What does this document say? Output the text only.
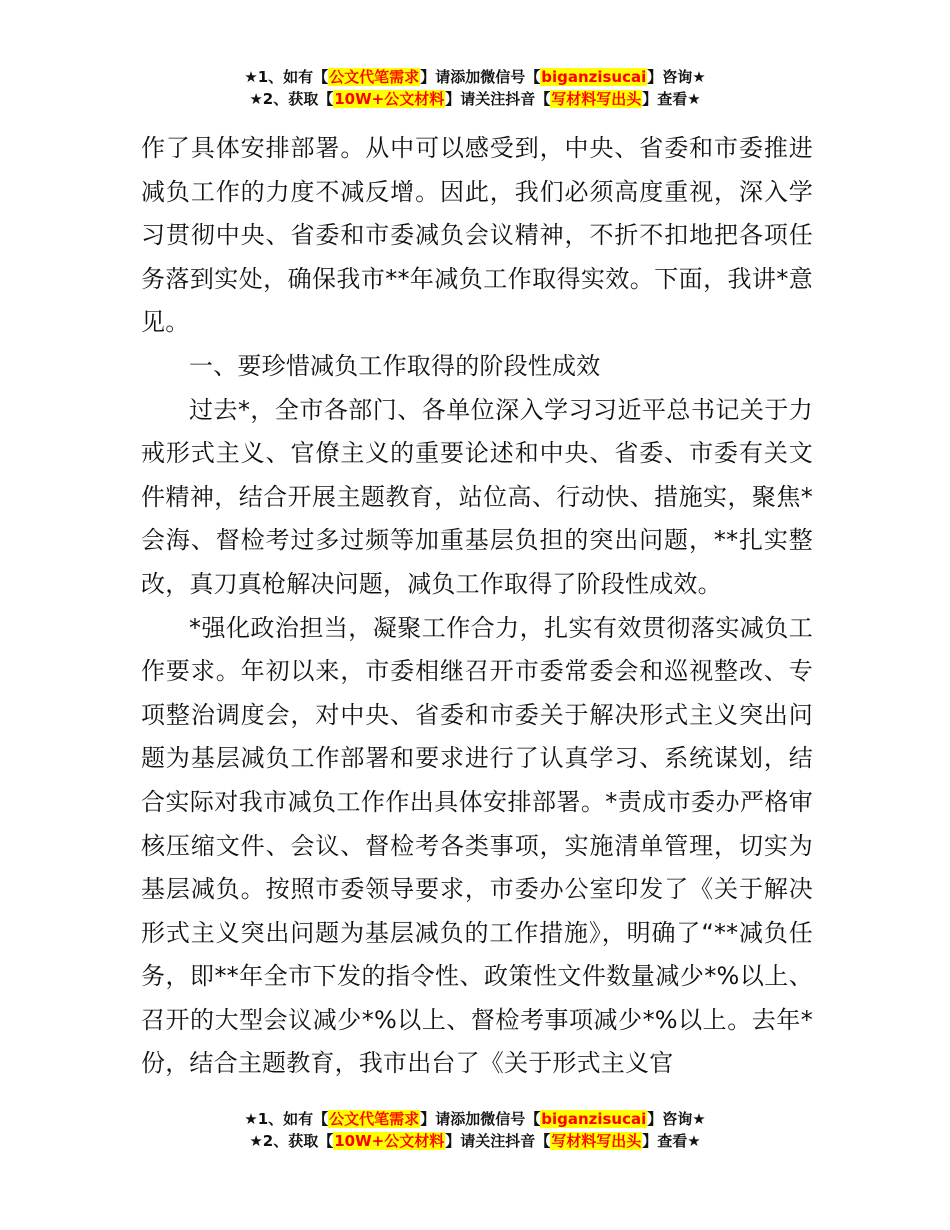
★1、如有【公文代笔需求】请添加微信号【biganzisucai】咨询★
★2、获取【10W+公文材料】请关注抖音【写材料写出头】查看★

作了具体安排部署。从中可以感受到，中央、省委和市委推进减负工作的力度不减反增。因此，我们必须高度重视，深入学习贯彻中央、省委和市委减负会议精神，不折不扣地把各项任务落到实处，确保我市**年减负工作取得实效。下面，我讲*意见。

一、要珍惜减负工作取得的阶段性成效

过去*，全市各部门、各单位深入学习习近平总书记关于力戒形式主义、官僚主义的重要论述和中央、省委、市委有关文件精神，结合开展主题教育，站位高、行动快、措施实，聚焦*会海、督检考过多过频等加重基层负担的突出问题，**扎实整改，真刀真枪解决问题，减负工作取得了阶段性成效。

*强化政治担当，凝聚工作合力，扎实有效贯彻落实减负工作要求。年初以来，市委相继召开市委常委会和巡视整改、专项整治调度会，对中央、省委和市委关于解决形式主义突出问题为基层减负工作部署和要求进行了认真学习、系统谋划，结合实际对我市减负工作作出具体安排部署。*责成市委办严格审核压缩文件、会议、督检考各类事项，实施清单管理，切实为基层减负。按照市委领导要求，市委办公室印发了《关于解决形式主义突出问题为基层减负的工作措施》，明确了“**减负任务，即**年全市下发的指令性、政策性文件数量减少*%以上、召开的大型会议减少*%以上、督检考事项减少*%以上。去年*份，结合主题教育，我市出台了《关于形式主义官

★1、如有【公文代笔需求】请添加微信号【biganzisucai】咨询★
★2、获取【10W+公文材料】请关注抖音【写材料写出头】查看★
